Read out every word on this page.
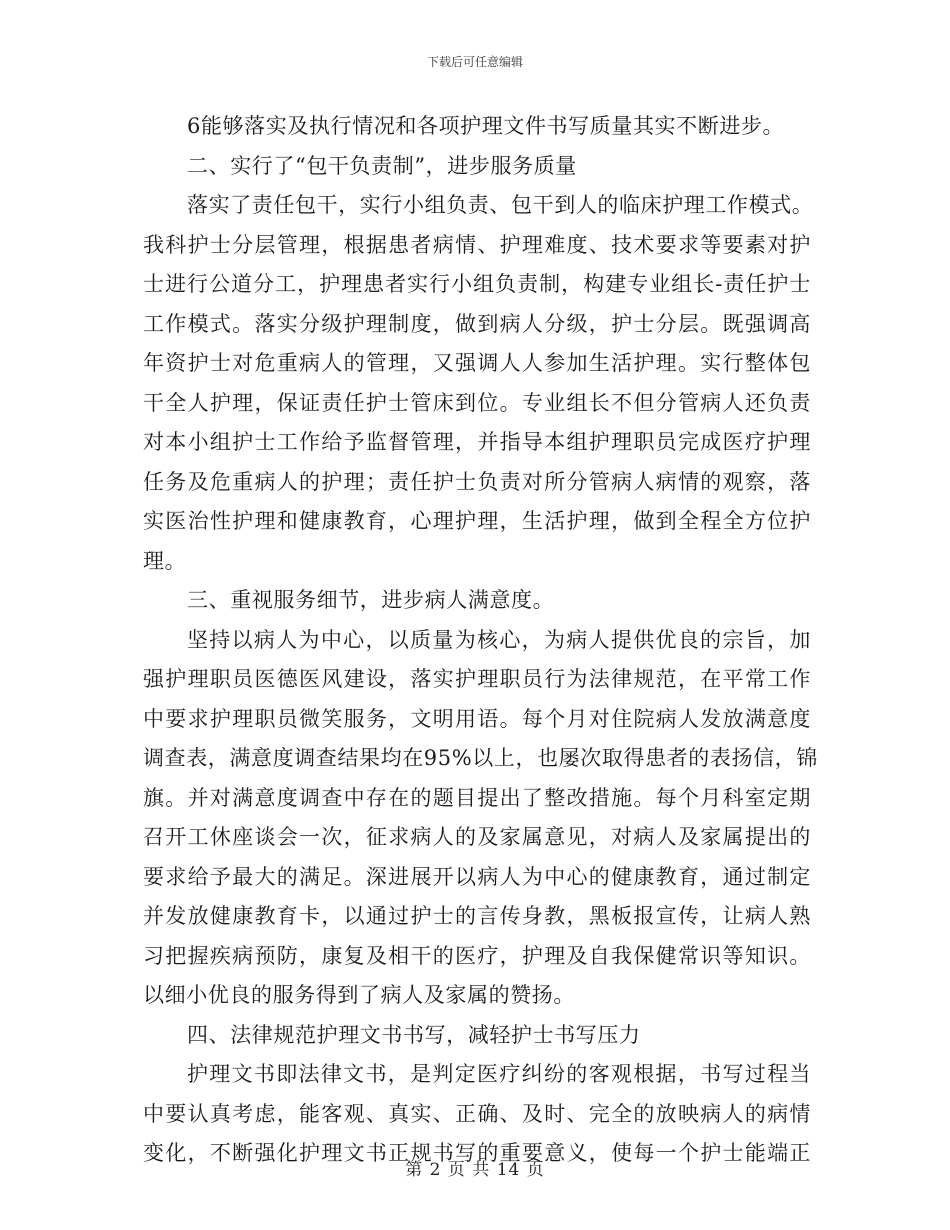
下载后可任意编辑
6能够落实及执行情况和各项护理文件书写质量其实不断进步。
二、实行了“包干负责制”，进步服务质量
落实了责任包干，实行小组负责、包干到人的临床护理工作模式。
我科护士分层管理，根据患者病情、护理难度、技术要求等要素对护
士进行公道分工，护理患者实行小组负责制，构建专业组长-责任护士
工作模式。落实分级护理制度，做到病人分级，护士分层。既强调高
年资护士对危重病人的管理，又强调人人参加生活护理。实行整体包
干全人护理，保证责任护士管床到位。专业组长不但分管病人还负责
对本小组护士工作给予监督管理，并指导本组护理职员完成医疗护理
任务及危重病人的护理；责任护士负责对所分管病人病情的观察，落
实医治性护理和健康教育，心理护理，生活护理，做到全程全方位护
理。
三、重视服务细节，进步病人满意度。
坚持以病人为中心，以质量为核心，为病人提供优良的宗旨，加
强护理职员医德医风建设，落实护理职员行为法律规范，在平常工作
中要求护理职员微笑服务，文明用语。每个月对住院病人发放满意度
调查表，满意度调查结果均在95%以上，也屡次取得患者的表扬信，锦
旗。并对满意度调查中存在的题目提出了整改措施。每个月科室定期
召开工休座谈会一次，征求病人的及家属意见，对病人及家属提出的
要求给予最大的满足。深进展开以病人为中心的健康教育，通过制定
并发放健康教育卡，以通过护士的言传身教，黑板报宣传，让病人熟
习把握疾病预防，康复及相干的医疗，护理及自我保健常识等知识。
以细小优良的服务得到了病人及家属的赞扬。
四、法律规范护理文书书写，减轻护士书写压力
护理文书即法律文书，是判定医疗纠纷的客观根据，书写过程当
中要认真考虑，能客观、真实、正确、及时、完全的放映病人的病情
变化，不断强化护理文书正规书写的重要意义，使每一个护士能端正
第 2 页 共 14 页
